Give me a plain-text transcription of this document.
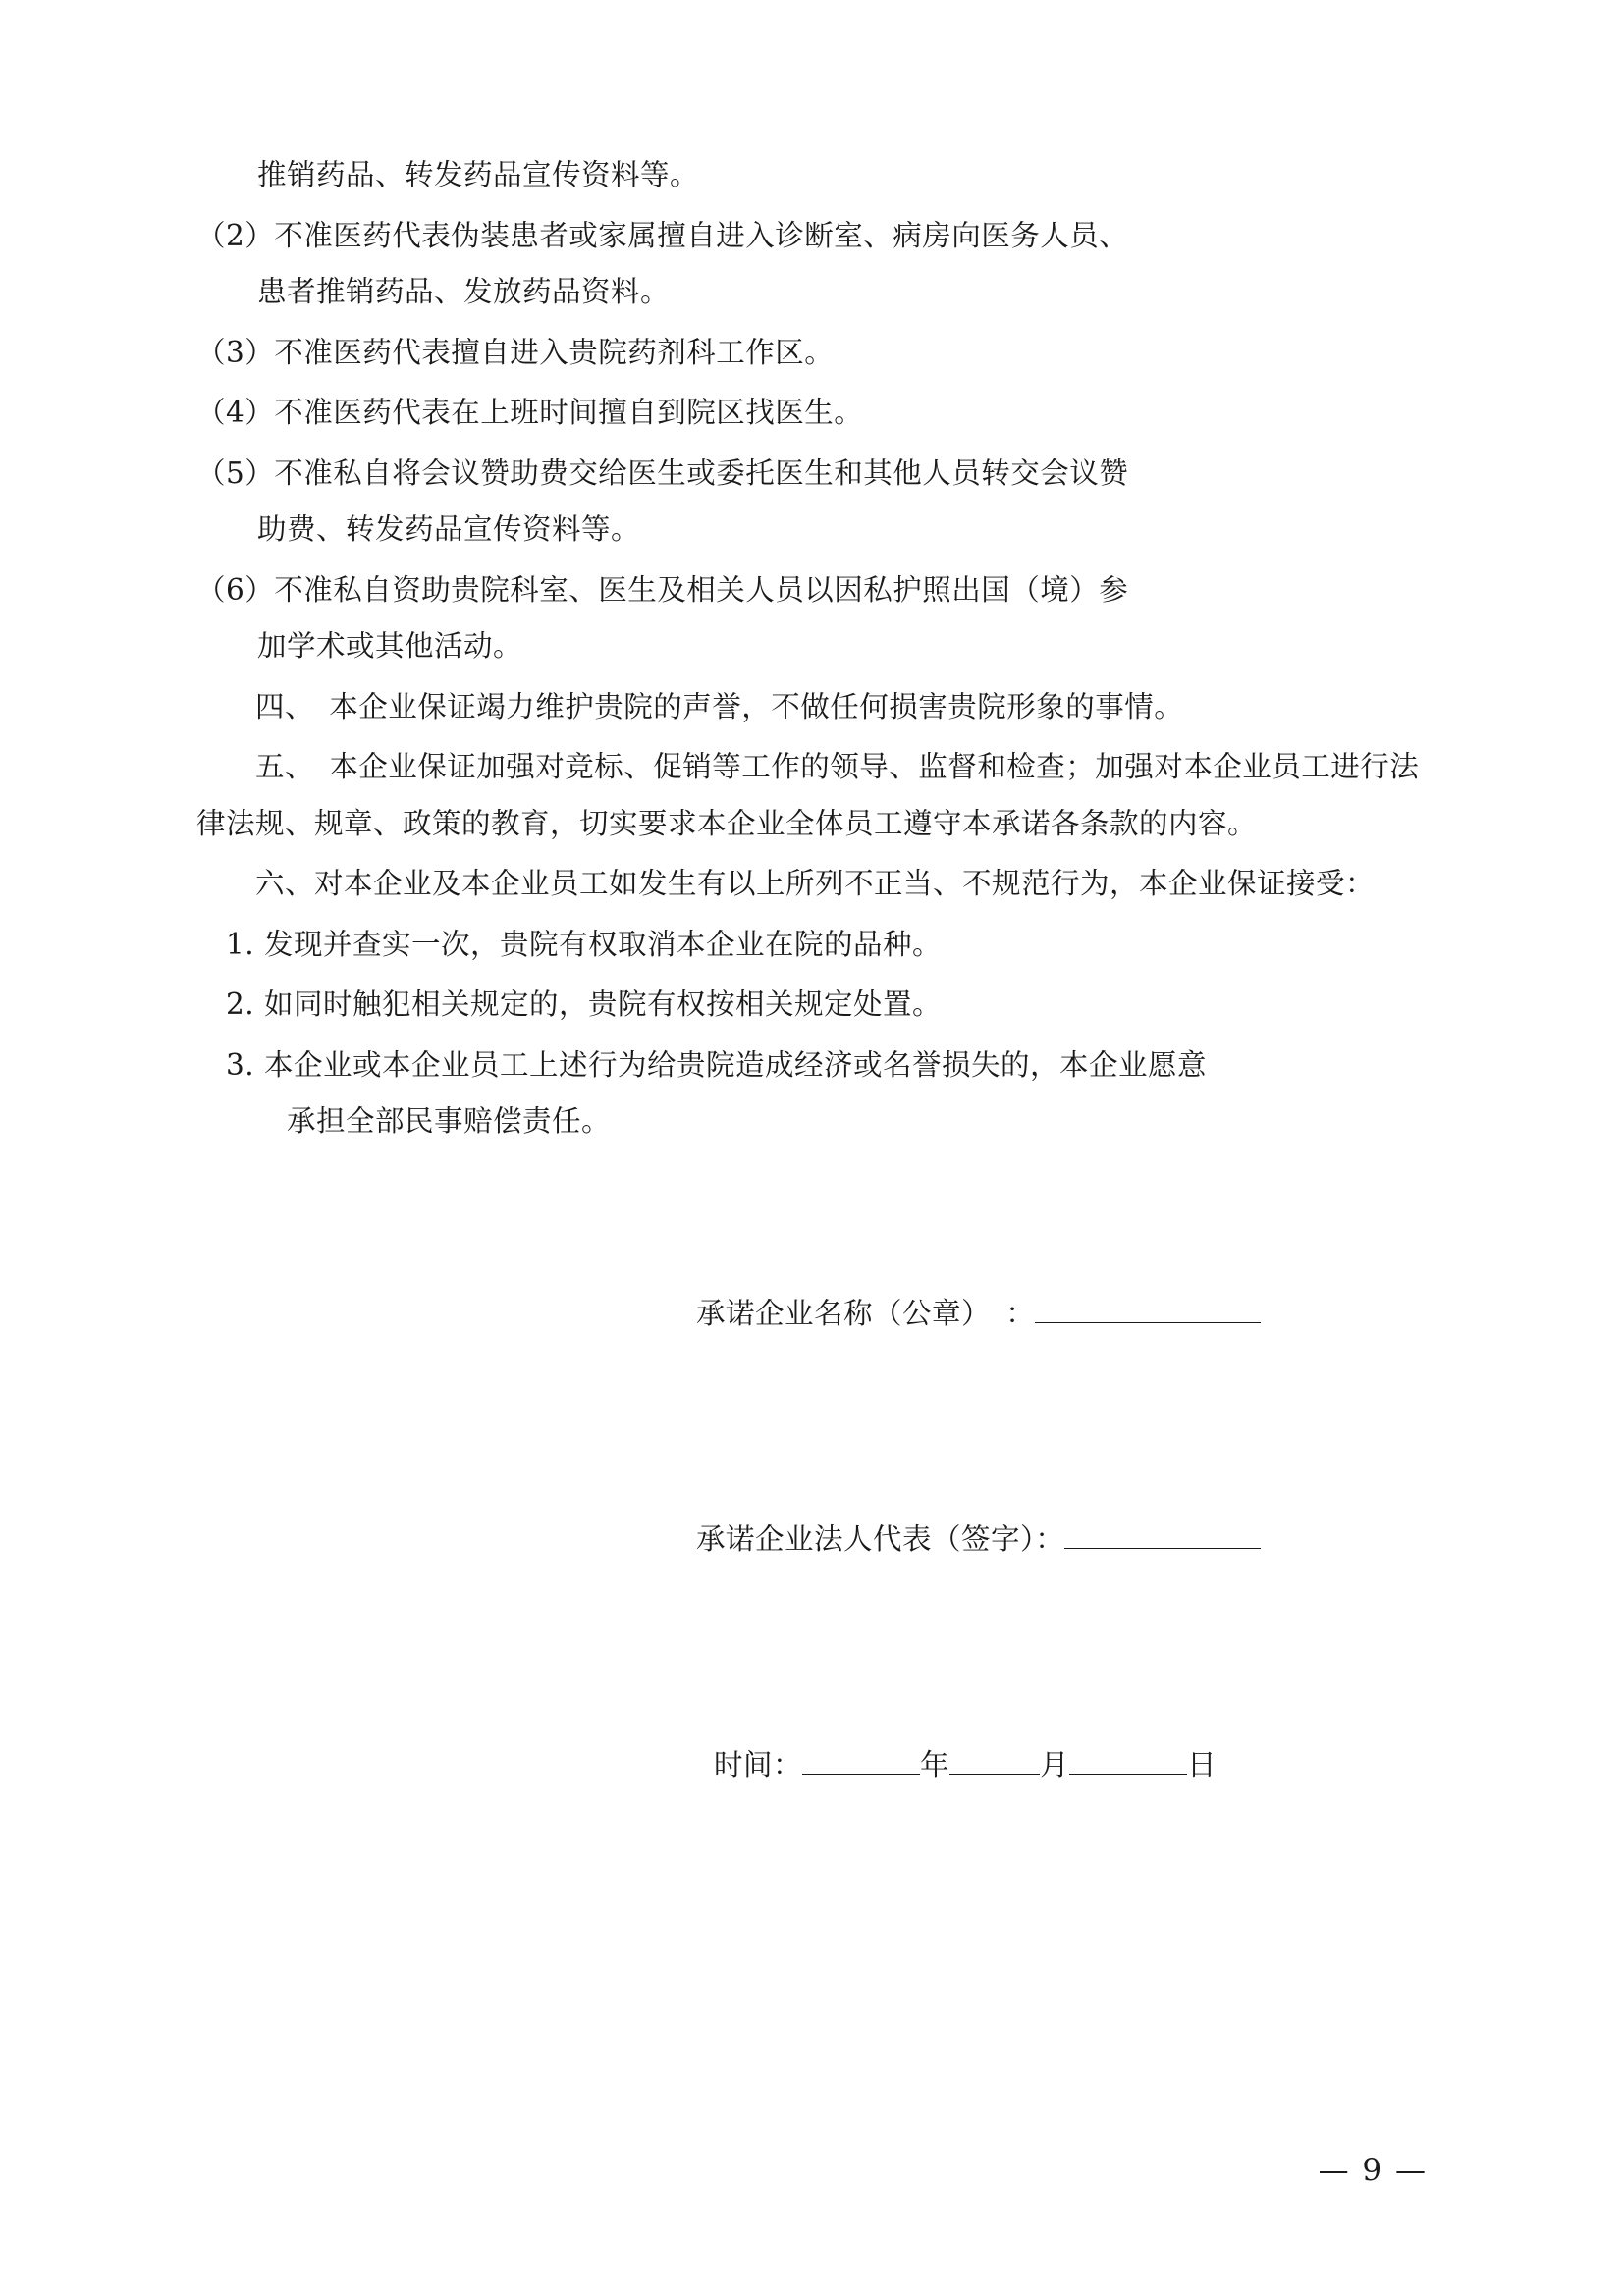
推销药品、转发药品宣传资料等。

（2）不准医药代表伪装患者或家属擅自进入诊断室、病房向医务人员、
患者推销药品、发放药品资料。

（3）不准医药代表擅自进入贵院药剂科工作区。

（4）不准医药代表在上班时间擅自到院区找医生。

（5）不准私自将会议赞助费交给医生或委托医生和其他人员转交会议赞
助费、转发药品宣传资料等。

（6）不准私自资助贵院科室、医生及相关人员以因私护照出国（境）参
加学术或其他活动。

四、　本企业保证竭力维护贵院的声誉，不做任何损害贵院形象的事情。

五、　本企业保证加强对竞标、促销等工作的领导、监督和检查；加强对本企业员工进行法律法规、规章、政策的教育，切实要求本企业全体员工遵守本承诺各条款的内容。

六、对本企业及本企业员工如发生有以上所列不正当、不规范行为，本企业保证接受：

1. 发现并查实一次，贵院有权取消本企业在院的品种。

2. 如同时触犯相关规定的，贵院有权按相关规定处置。

3. 本企业或本企业员工上述行为给贵院造成经济或名誉损失的，本企业愿意
承担全部民事赔偿责任。

承诺企业名称（公章）　：

承诺企业法人代表（签字）：

时间：	年	月	日

— 9 —
